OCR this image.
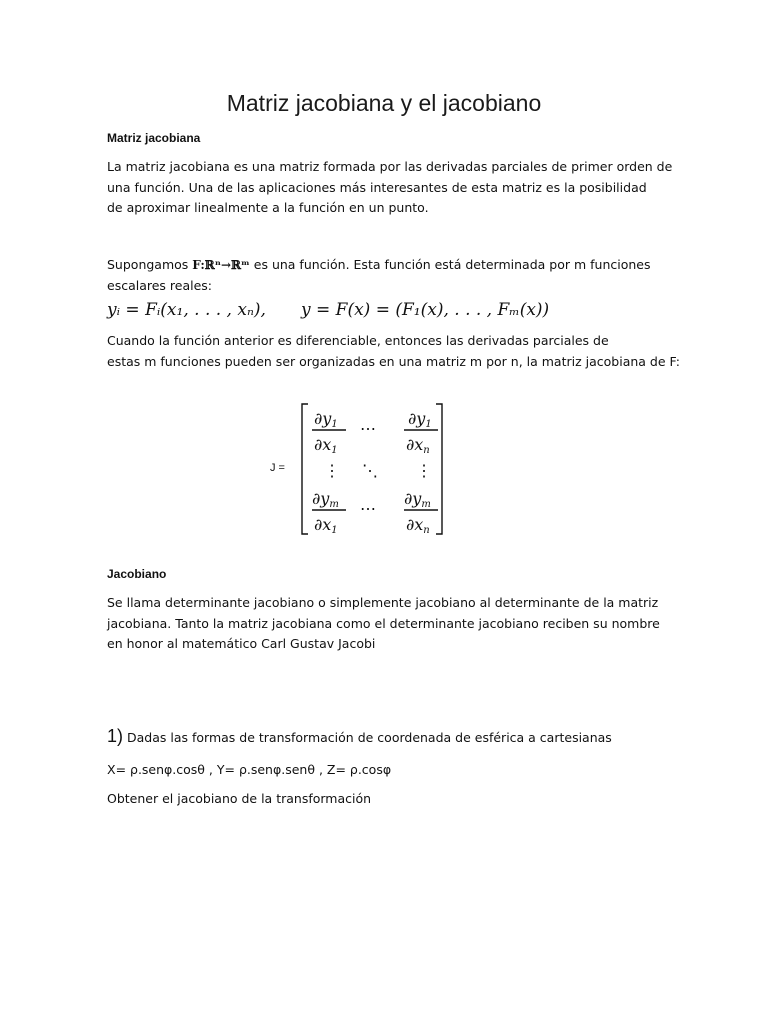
Matriz jacobiana y el jacobiano
Matriz jacobiana
La matriz jacobiana es una matriz formada por las derivadas parciales de primer orden de
una función. Una de las aplicaciones más interesantes de esta matriz es la posibilidad
de aproximar linealmente a la función en un punto.
Supongamos F:ℝⁿ→ℝᵐ es una función. Esta función está determinada por m funciones
escalares reales:
yᵢ = Fᵢ(x₁, . . . , xₙ), y = F(x) = (F₁(x), . . . , Fₘ(x))
Cuando la función anterior es diferenciable, entonces las derivadas parciales de
estas m funciones pueden ser organizadas en una matriz m por n, la matriz jacobiana de F:
J =
∂y1
∂x1
∂y1
∂xn
∂ym
∂x1
∂ym
∂xn
⋯
⋯
⋮	⋮
⋱
Jacobiano
Se llama determinante jacobiano o simplemente jacobiano al determinante de la matriz
jacobiana. Tanto la matriz jacobiana como el determinante jacobiano reciben su nombre
en honor al matemático Carl Gustav Jacobi
1) Dadas las formas de transformación de coordenada de esférica a cartesianas
X= ρ.senφ.cosθ , Y= ρ.senφ.senθ , Z= ρ.cosφ
Obtener el jacobiano de la transformación
